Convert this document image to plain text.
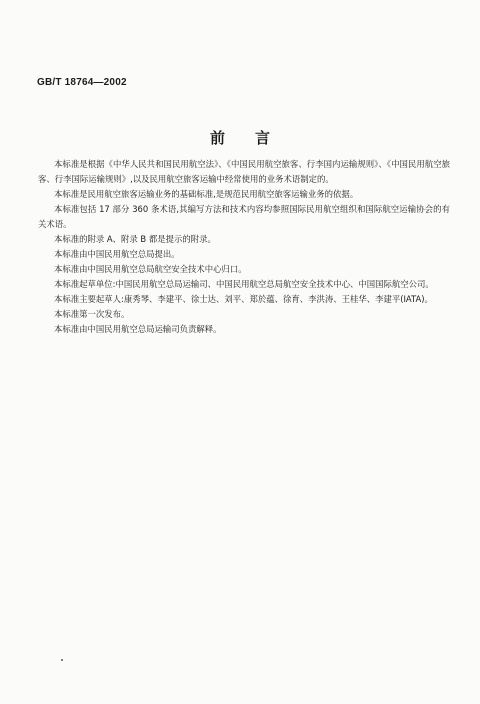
GB/T 18764—2002
前言

本标准是根据《中华人民共和国民用航空法》、《中国民用航空旅客、行李国内运输规则》、《中国民用航空旅客、行李国际运输规则》,以及民用航空旅客运输中经常使用的业务术语制定的。

本标准是民用航空旅客运输业务的基础标准,是规范民用航空旅客运输业务的依据。

本标准包括 17 部分 360 条术语,其编写方法和技术内容均参照国际民用航空组织和国际航空运输协会的有关术语。

本标准的附录 A、附录 B 都是提示的附录。

本标准由中国民用航空总局提出。

本标准由中国民用航空总局航空安全技术中心归口。

本标准起草单位:中国民用航空总局运输司、中国民用航空总局航空安全技术中心、中国国际航空公司。

本标准主要起草人:康秀琴、李建平、徐士达、刘平、郑於蕴、徐育、李洪涛、王桂华、李建平(IATA)。

本标准第一次发布。

本标准由中国民用航空总局运输司负责解释。
